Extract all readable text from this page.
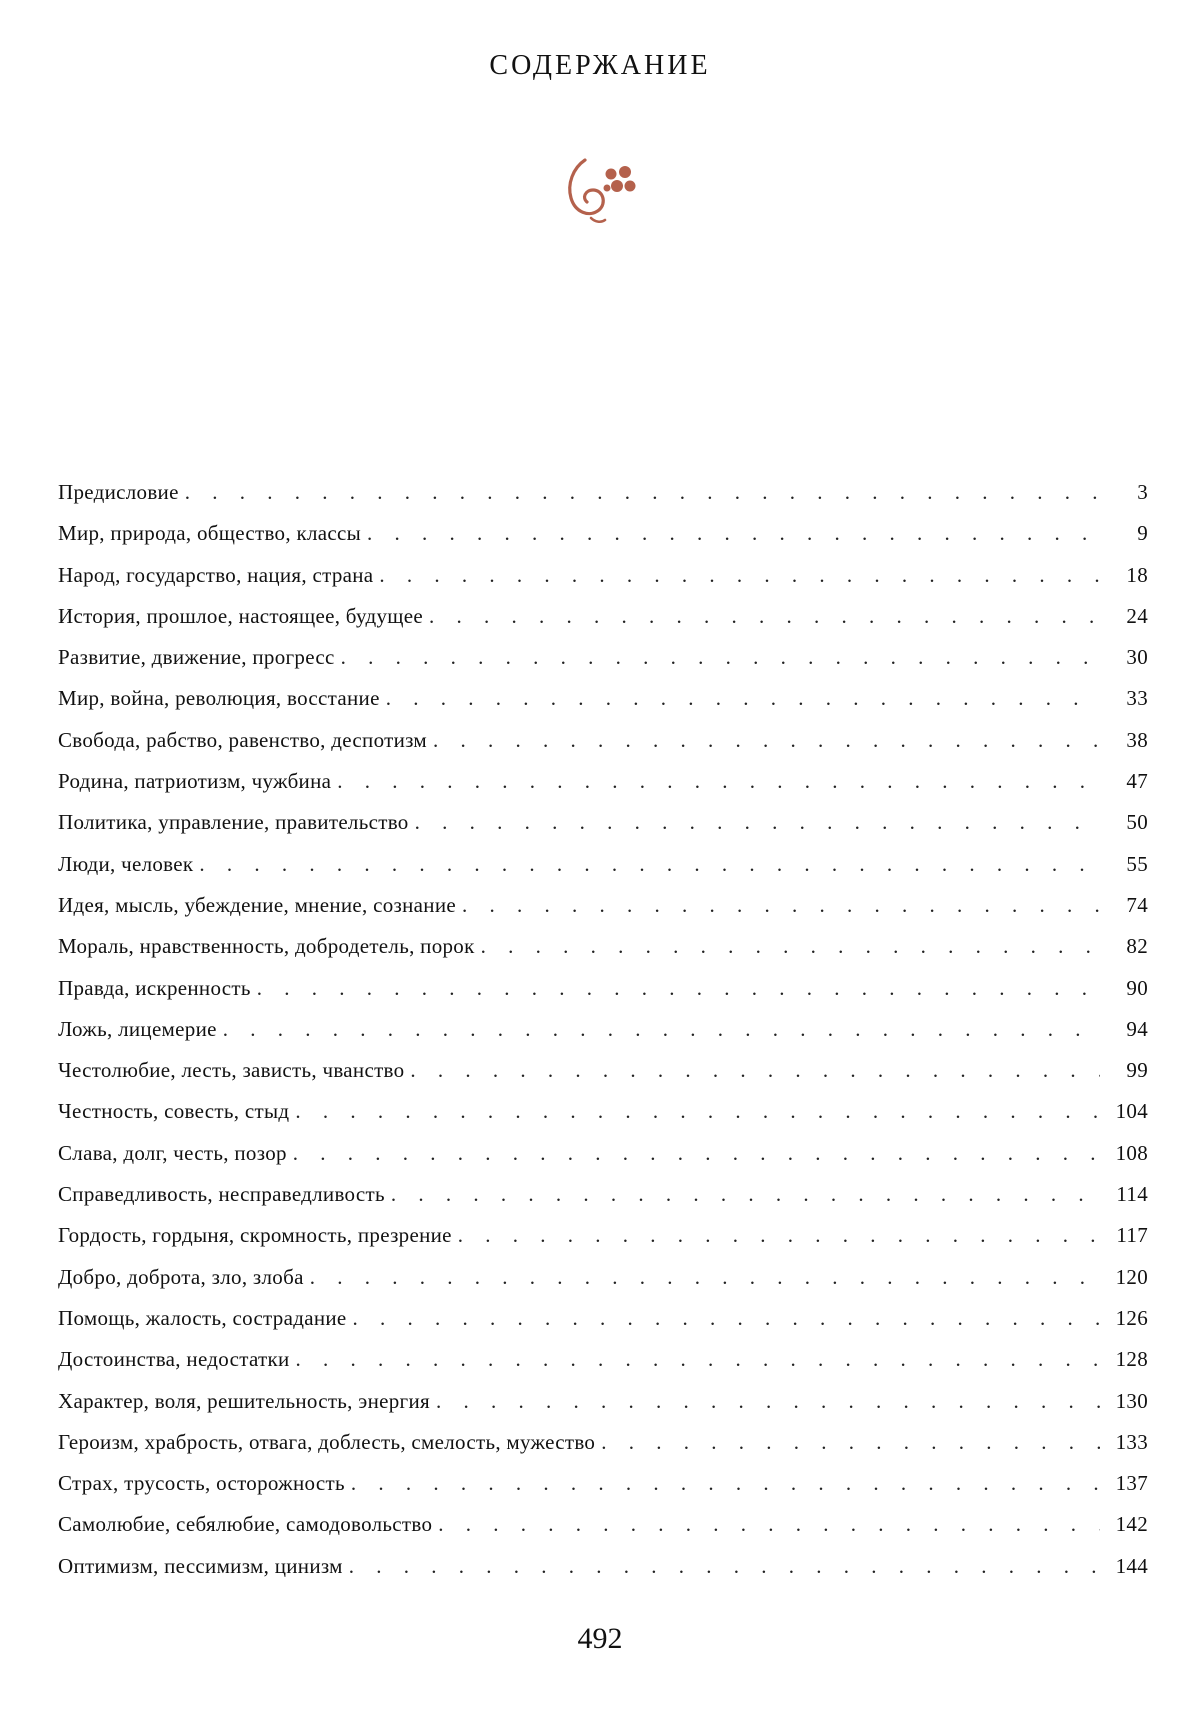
СОДЕРЖАНИЕ
Предисловие . . .	3
Мир, природа, общество, классы . . .	9
Народ, государство, нация, страна . . .	18
История, прошлое, настоящее, будущее . . .	24
Развитие, движение, прогресс . . .	30
Мир, война, революция, восстание . . .	33
Свобода, рабство, равенство, деспотизм . . .	38
Родина, патриотизм, чужбина . . .	47
Политика, управление, правительство . . .	50
Люди, человек . . .	55
Идея, мысль, убеждение, мнение, сознание . . .	74
Мораль, нравственность, добродетель, порок . . .	82
Правда, искренность . . .	90
Ложь, лицемерие . . .	94
Честолюбие, лесть, зависть, чванство . . .	99
Честность, совесть, стыд . . .	104
Слава, долг, честь, позор . . .	108
Справедливость, несправедливость . . .	114
Гордость, гордыня, скромность, презрение . . .	117
Добро, доброта, зло, злоба . . .	120
Помощь, жалость, сострадание . . .	126
Достоинства, недостатки . . .	128
Характер, воля, решительность, энергия . . .	130
Героизм, храбрость, отвага, доблесть, смелость, мужество . . .	133
Страх, трусость, осторожность . . .	137
Самолюбие, себялюбие, самодовольство . . .	142
Оптимизм, пессимизм, цинизм . . .	144
492
